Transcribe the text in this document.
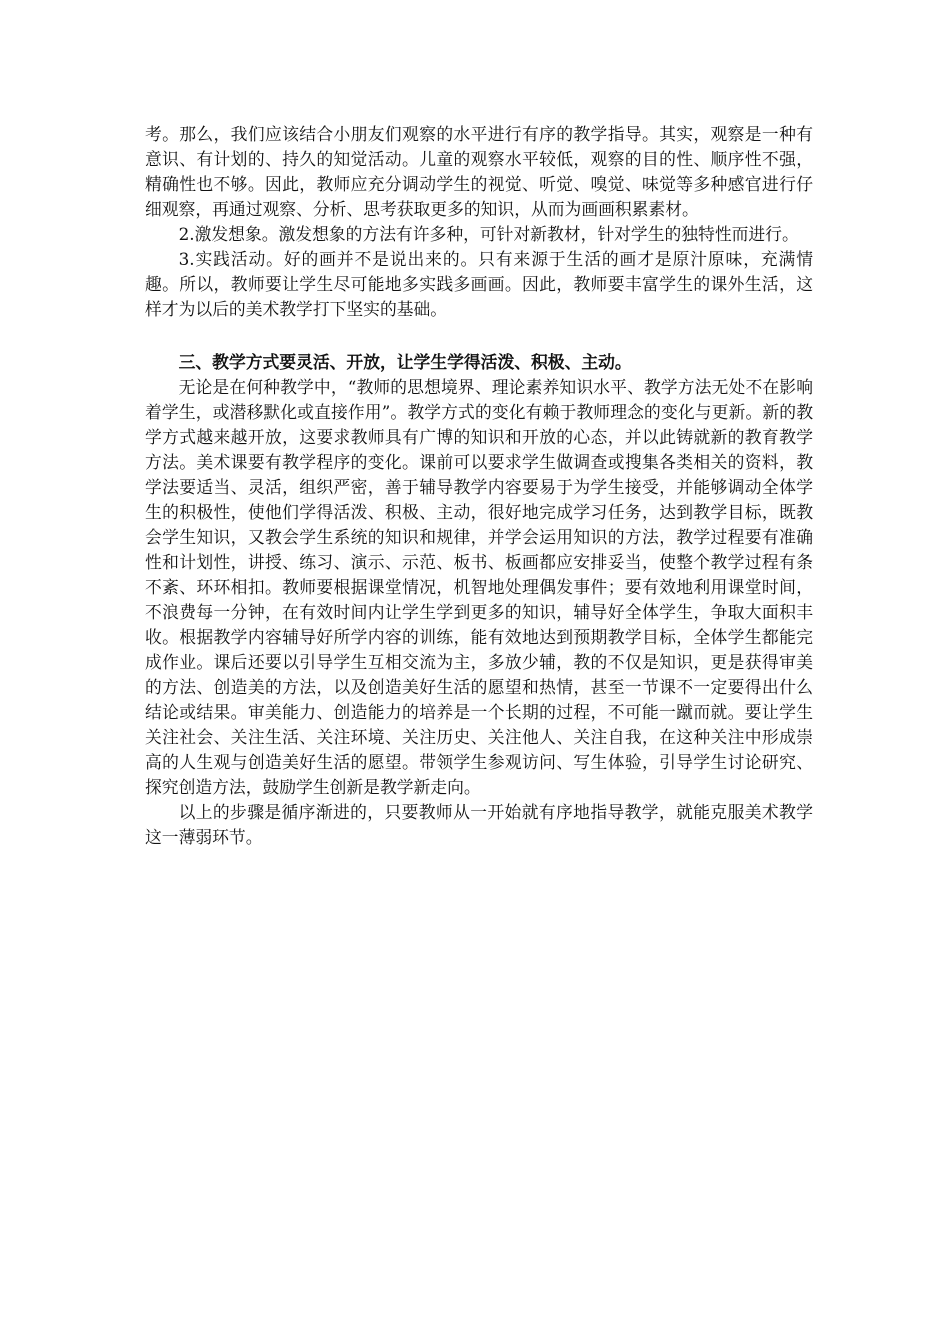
考。那么，我们应该结合小朋友们观察的水平进行有序的教学指导。其实，观察是一种有意识、有计划的、持久的知觉活动。儿童的观察水平较低，观察的目的性、顺序性不强，精确性也不够。因此，教师应充分调动学生的视觉、听觉、嗅觉、味觉等多种感官进行仔细观察，再通过观察、分析、思考获取更多的知识，从而为画画积累素材。

2.激发想象。激发想象的方法有许多种，可针对新教材，针对学生的独特性而进行。

3.实践活动。好的画并不是说出来的。只有来源于生活的画才是原汁原味，充满情趣。所以，教师要让学生尽可能地多实践多画画。因此，教师要丰富学生的课外生活，这样才为以后的美术教学打下坚实的基础。

三、教学方式要灵活、开放，让学生学得活泼、积极、主动。

无论是在何种教学中，“教师的思想境界、理论素养知识水平、教学方法无处不在影响着学生，或潜移默化或直接作用”。教学方式的变化有赖于教师理念的变化与更新。新的教学方式越来越开放，这要求教师具有广博的知识和开放的心态，并以此铸就新的教育教学方法。美术课要有教学程序的变化。课前可以要求学生做调查或搜集各类相关的资料，教学法要适当、灵活，组织严密，善于辅导教学内容要易于为学生接受，并能够调动全体学生的积极性，使他们学得活泼、积极、主动，很好地完成学习任务，达到教学目标，既教会学生知识，又教会学生系统的知识和规律，并学会运用知识的方法，教学过程要有准确性和计划性，讲授、练习、演示、示范、板书、板画都应安排妥当，使整个教学过程有条不紊、环环相扣。教师要根据课堂情况，机智地处理偶发事件；要有效地利用课堂时间，不浪费每一分钟，在有效时间内让学生学到更多的知识，辅导好全体学生，争取大面积丰收。根据教学内容辅导好所学内容的训练，能有效地达到预期教学目标，全体学生都能完成作业。课后还要以引导学生互相交流为主，多放少辅，教的不仅是知识，更是获得审美的方法、创造美的方法，以及创造美好生活的愿望和热情，甚至一节课不一定要得出什么结论或结果。审美能力、创造能力的培养是一个长期的过程，不可能一蹴而就。要让学生关注社会、关注生活、关注环境、关注历史、关注他人、关注自我，在这种关注中形成崇高的人生观与创造美好生活的愿望。带领学生参观访问、写生体验，引导学生讨论研究、探究创造方法，鼓励学生创新是教学新走向。

以上的步骤是循序渐进的，只要教师从一开始就有序地指导教学，就能克服美术教学这一薄弱环节。
